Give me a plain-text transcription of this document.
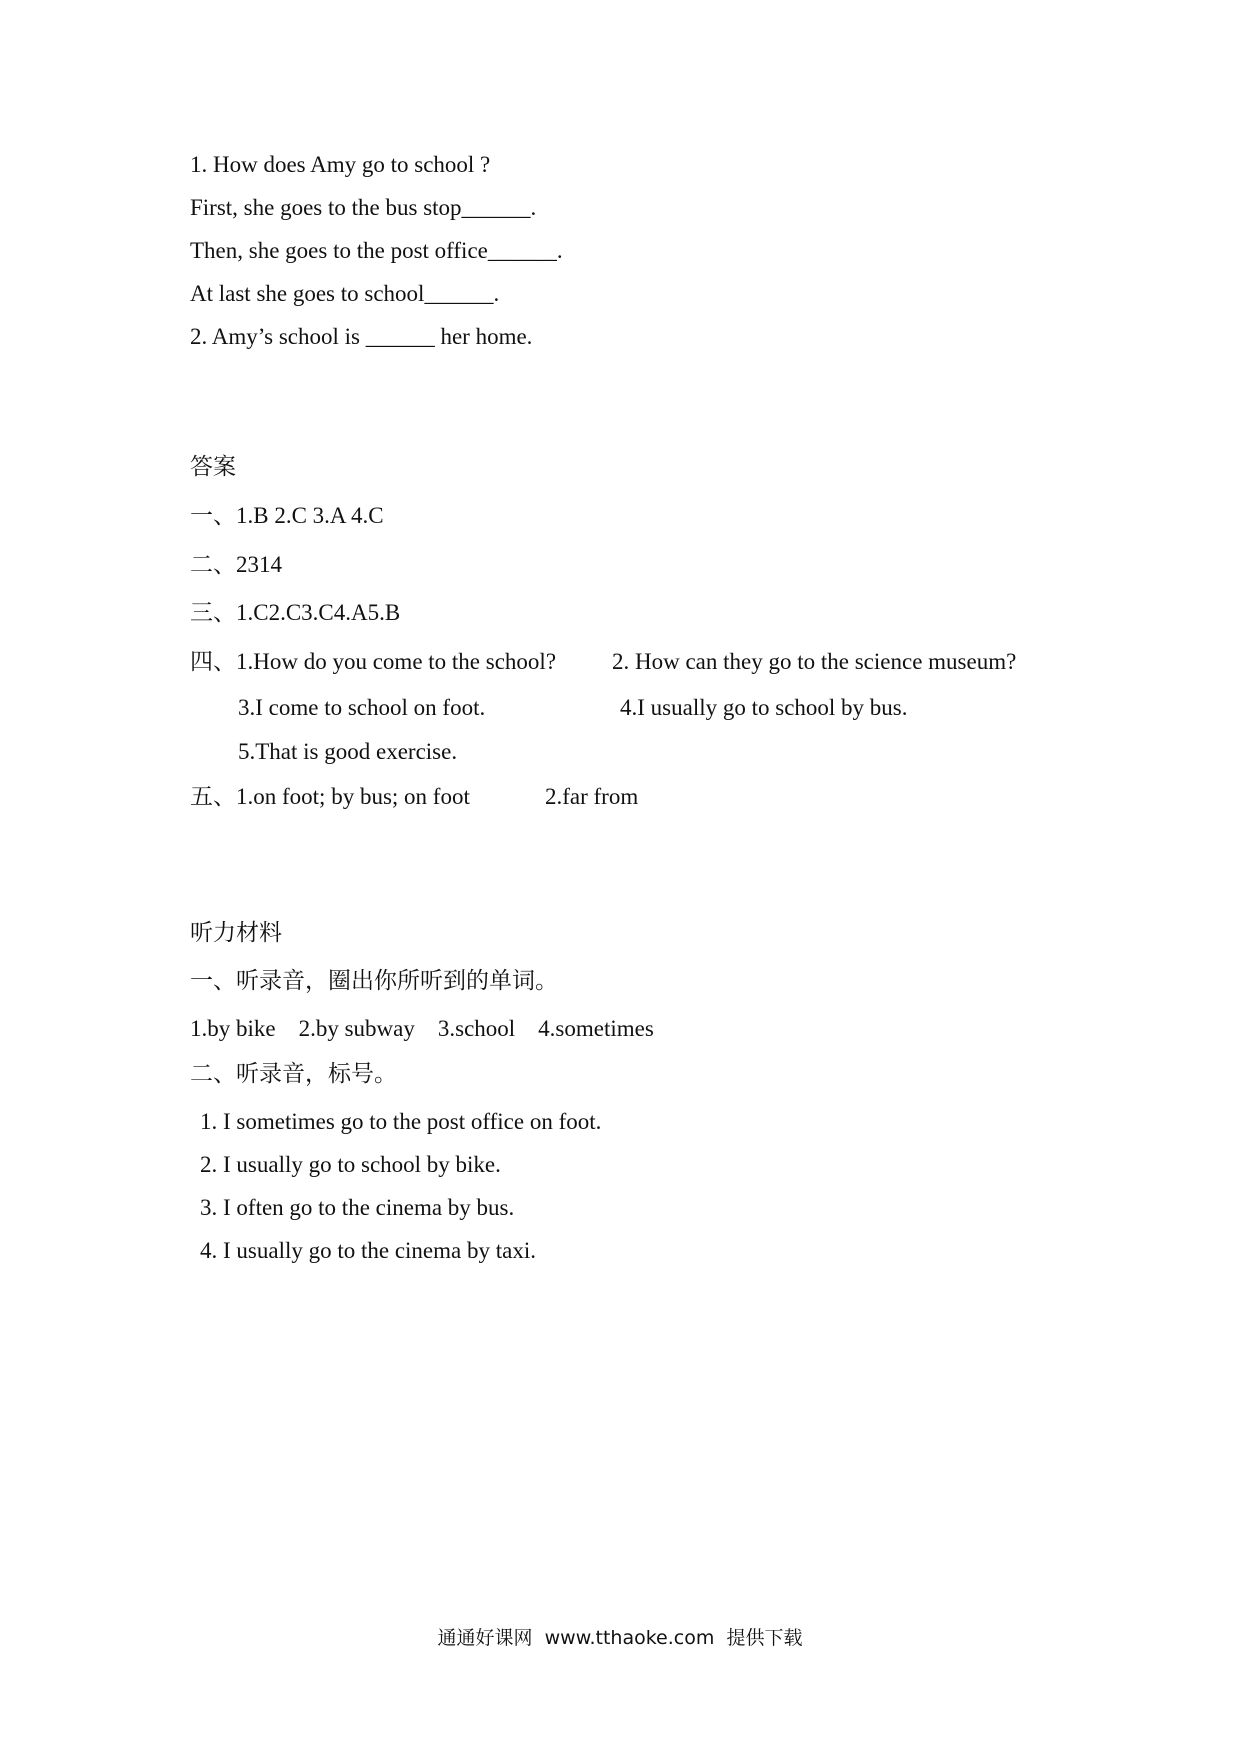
1. How does Amy go to school ?
First, she goes to the bus stop______.
Then, she goes to the post office______.
At last she goes to school______.
2. Amy’s school is ______ her home.
答案
一、1.B 2.C 3.A 4.C
二、2314
三、1.C2.C3.C4.A5.B
四、1.How do you come to the school? 2. How can they go to the science museum?
3.I come to school on foot.	4.I usually go to school by bus.
5.That is good exercise.
五、1.on foot; by bus; on foot	2.far from
听力材料
一、听录音，圈出你所听到的单词。
1.by bike    2.by subway    3.school    4.sometimes
二、听录音，标号。
1. I sometimes go to the post office on foot.
2. I usually go to school by bike.
3. I often go to the cinema by bus.
4. I usually go to the cinema by taxi.
通通好课网  www.tthaoke.com  提供下载
